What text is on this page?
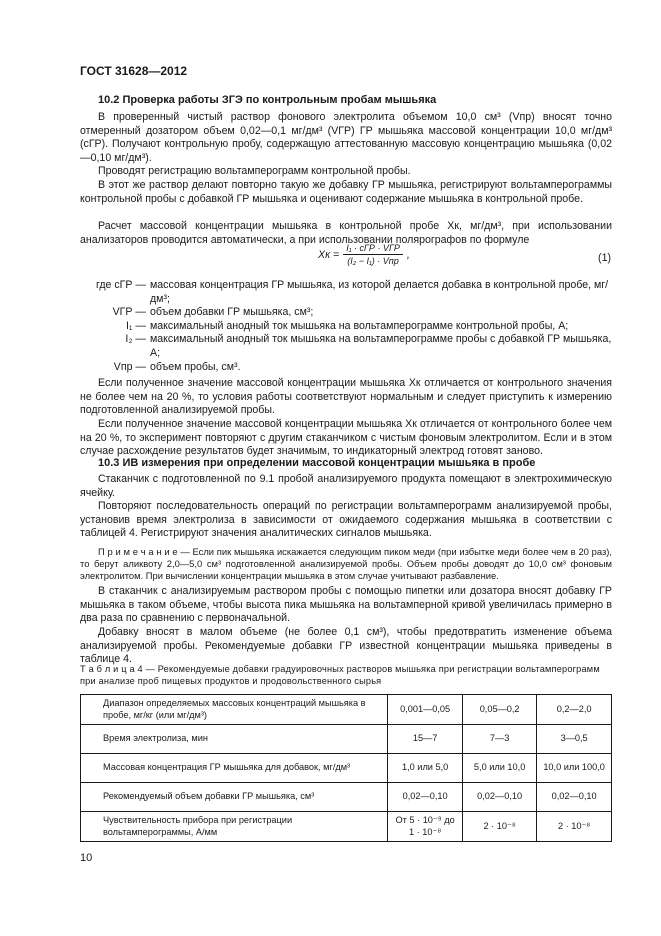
ГОСТ 31628—2012
10.2 Проверка работы ЗГЭ по контрольным пробам мышьяка
В проверенный чистый раствор фонового электролита объемом 10,0 см³ (Vпр) вносят точно отмеренный дозатором объем 0,02—0,1 мг/дм³ (VГР) ГР мышьяка массовой концентрации 10,0 мг/дм³ (cГР). Получают контрольную пробу, содержащую аттестованную массовую концентрацию мышьяка (0,02—0,10 мг/дм³).
Проводят регистрацию вольтамперограмм контрольной пробы.
В этот же раствор делают повторно такую же добавку ГР мышьяка, регистрируют вольтамперограммы контрольной пробы с добавкой ГР мышьяка и оценивают содержание мышьяка в контрольной пробе.
Расчет массовой концентрации мышьяка в контрольной пробе Xк, мг/дм³, при использовании анализаторов проводится автоматически, а при использовании полярографов по формуле
Xк = $\frac{\text{I₁ · cГР · VГР}}{\text{(I₂ − I₁) · Vпр}}$ ,	(1)
где cГР — массовая концентрация ГР мышьяка, из которой делается добавка в контрольной пробе, мг/дм³;
VГР — объем добавки ГР мышьяка, см³;
I₁ — максимальный анодный ток мышьяка на вольтамперограмме контрольной пробы, А;
I₂ — максимальный анодный ток мышьяка на вольтамперограмме пробы с добавкой ГР мышьяка, А;
Vпр — объем пробы, см³.
Если полученное значение массовой концентрации мышьяка Xк отличается от контрольного значения не более чем на 20 %, то условия работы соответствуют нормальным и следует приступить к измерению подготовленной анализируемой пробы.
Если полученное значение массовой концентрации мышьяка Xк отличается от контрольного более чем на 20 %, то эксперимент повторяют с другим стаканчиком с чистым фоновым электролитом. Если и в этом случае расхождение результатов будет значимым, то индикаторный электрод готовят заново.
10.3 ИВ измерения при определении массовой концентрации мышьяка в пробе
Стаканчик с подготовленной по 9.1 пробой анализируемого продукта помещают в электрохимическую ячейку.
Повторяют последовательность операций по регистрации вольтамперограмм анализируемой пробы, установив время электролиза в зависимости от ожидаемого содержания мышьяка в соответствии с таблицей 4. Регистрируют значения аналитических сигналов мышьяка.
П р и м е ч а н и е — Если пик мышьяка искажается следующим пиком меди (при избытке меди более чем в 20 раз), то берут аликвоту 2,0—5,0 см³ подготовленной анализируемой пробы. Объем пробы доводят до 10,0 см³ фоновым электролитом. При вычислении концентрации мышьяка в этом случае учитывают разбавление.
В стаканчик с анализируемым раствором пробы с помощью пипетки или дозатора вносят добавку ГР мышьяка в таком объеме, чтобы высота пика мышьяка на вольтамперной кривой увеличилась примерно в два раза по сравнению с первоначальной.
Добавку вносят в малом объеме (не более 0,1 см³), чтобы предотвратить изменение объема анализируемой пробы. Рекомендуемые добавки ГР известной концентрации мышьяка приведены в таблице 4.
Т а б л и ц а 4 — Рекомендуемые добавки градуировочных растворов мышьяка при регистрации вольтамперограмм при анализе проб пищевых продуктов и продовольственного сырья
Диапазон определяемых массовых концентраций мышьяка в пробе, мг/кг (или мг/дм³)	0,001—0,05	0,05—0,2	0,2—2,0
Время электролиза, мин	15—7	7—3	3—0,5
Массовая концентрация ГР мышьяка для добавок, мг/дм³	1,0 или 5,0	5,0 или 10,0	10,0 или 100,0
Рекомендуемый объем добавки ГР мышьяка, см³	0,02—0,10	0,02—0,10	0,02—0,10
Чувствительность прибора при регистрации вольтамперограммы, А/мм	От 5 · 10⁻⁹ до 1 · 10⁻⁸	2 · 10⁻⁸	2 · 10⁻⁸
10
